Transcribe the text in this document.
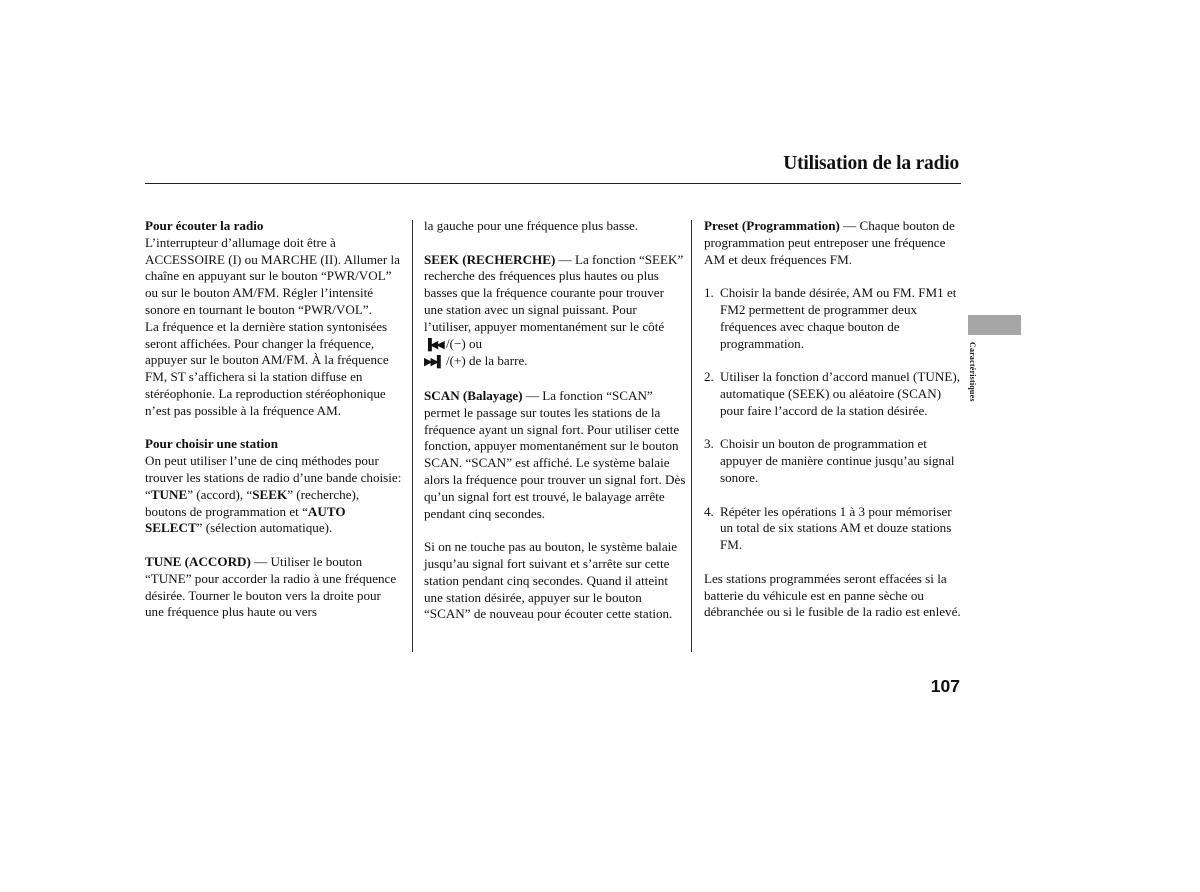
Utilisation de la radio

Pour écouter la radio

L’interrupteur d’allumage doit être à ACCESSOIRE (I) ou MARCHE (II). Allumer la chaîne en appuyant sur le bouton “PWR/VOL” ou sur le bouton AM/FM. Régler l’intensité sonore en tournant le bouton “PWR/VOL”.

La fréquence et la dernière station syntonisées seront affichées. Pour changer la fréquence, appuyer sur le bouton AM/FM. À la fréquence FM, ST s’affichera si la station diffuse en stéréophonie. La reproduction stéréophonique n’est pas possible à la fréquence AM.

Pour choisir une station

On peut utiliser l’une de cinq méthodes pour trouver les stations de radio d’une bande choisie: “TUNE” (accord), “SEEK” (recherche), boutons de programmation et “AUTO SELECT” (sélection automatique).

TUNE (ACCORD) — Utiliser le bouton “TUNE” pour accorder la radio à une fréquence désirée. Tourner le bouton vers la droite pour une fréquence plus haute ou vers

la gauche pour une fréquence plus basse.

SEEK (RECHERCHE) — La fonction “SEEK” recherche des fréquences plus hautes ou plus basses que la fréquence courante pour trouver une station avec un signal puissant. Pour l’utiliser, appuyer momentanément sur le côté ▐◀◀ /(−) ou
▶▶▌ /(+) de la barre.

SCAN (Balayage) — La fonction “SCAN” permet le passage sur toutes les stations de la fréquence ayant un signal fort. Pour utiliser cette fonction, appuyer momentanément sur le bouton SCAN. “SCAN” est affiché. Le système balaie alors la fréquence pour trouver un signal fort. Dès qu’un signal fort est trouvé, le balayage arrête pendant cinq secondes.

Si on ne touche pas au bouton, le système balaie jusqu’au signal fort suivant et s’arrête sur cette station pendant cinq secondes. Quand il atteint une station désirée, appuyer sur le bouton “SCAN” de nouveau pour écouter cette station.

Preset (Programmation) — Chaque bouton de programmation peut entreposer une fréquence AM et deux fréquences FM.

1. Choisir la bande désirée, AM ou FM. FM1 et FM2 permettent de programmer deux fréquences avec chaque bouton de programmation.
2. Utiliser la fonction d’accord manuel (TUNE), automatique (SEEK) ou aléatoire (SCAN) pour faire l’accord de la station désirée.
3. Choisir un bouton de programmation et appuyer de manière continue jusqu’au signal sonore.
4. Répéter les opérations 1 à 3 pour mémoriser un total de six stations AM et douze stations FM.

Les stations programmées seront effacées si la batterie du véhicule est en panne sèche ou débranchée ou si le fusible de la radio est enlevé.

Caractéristiques
107
